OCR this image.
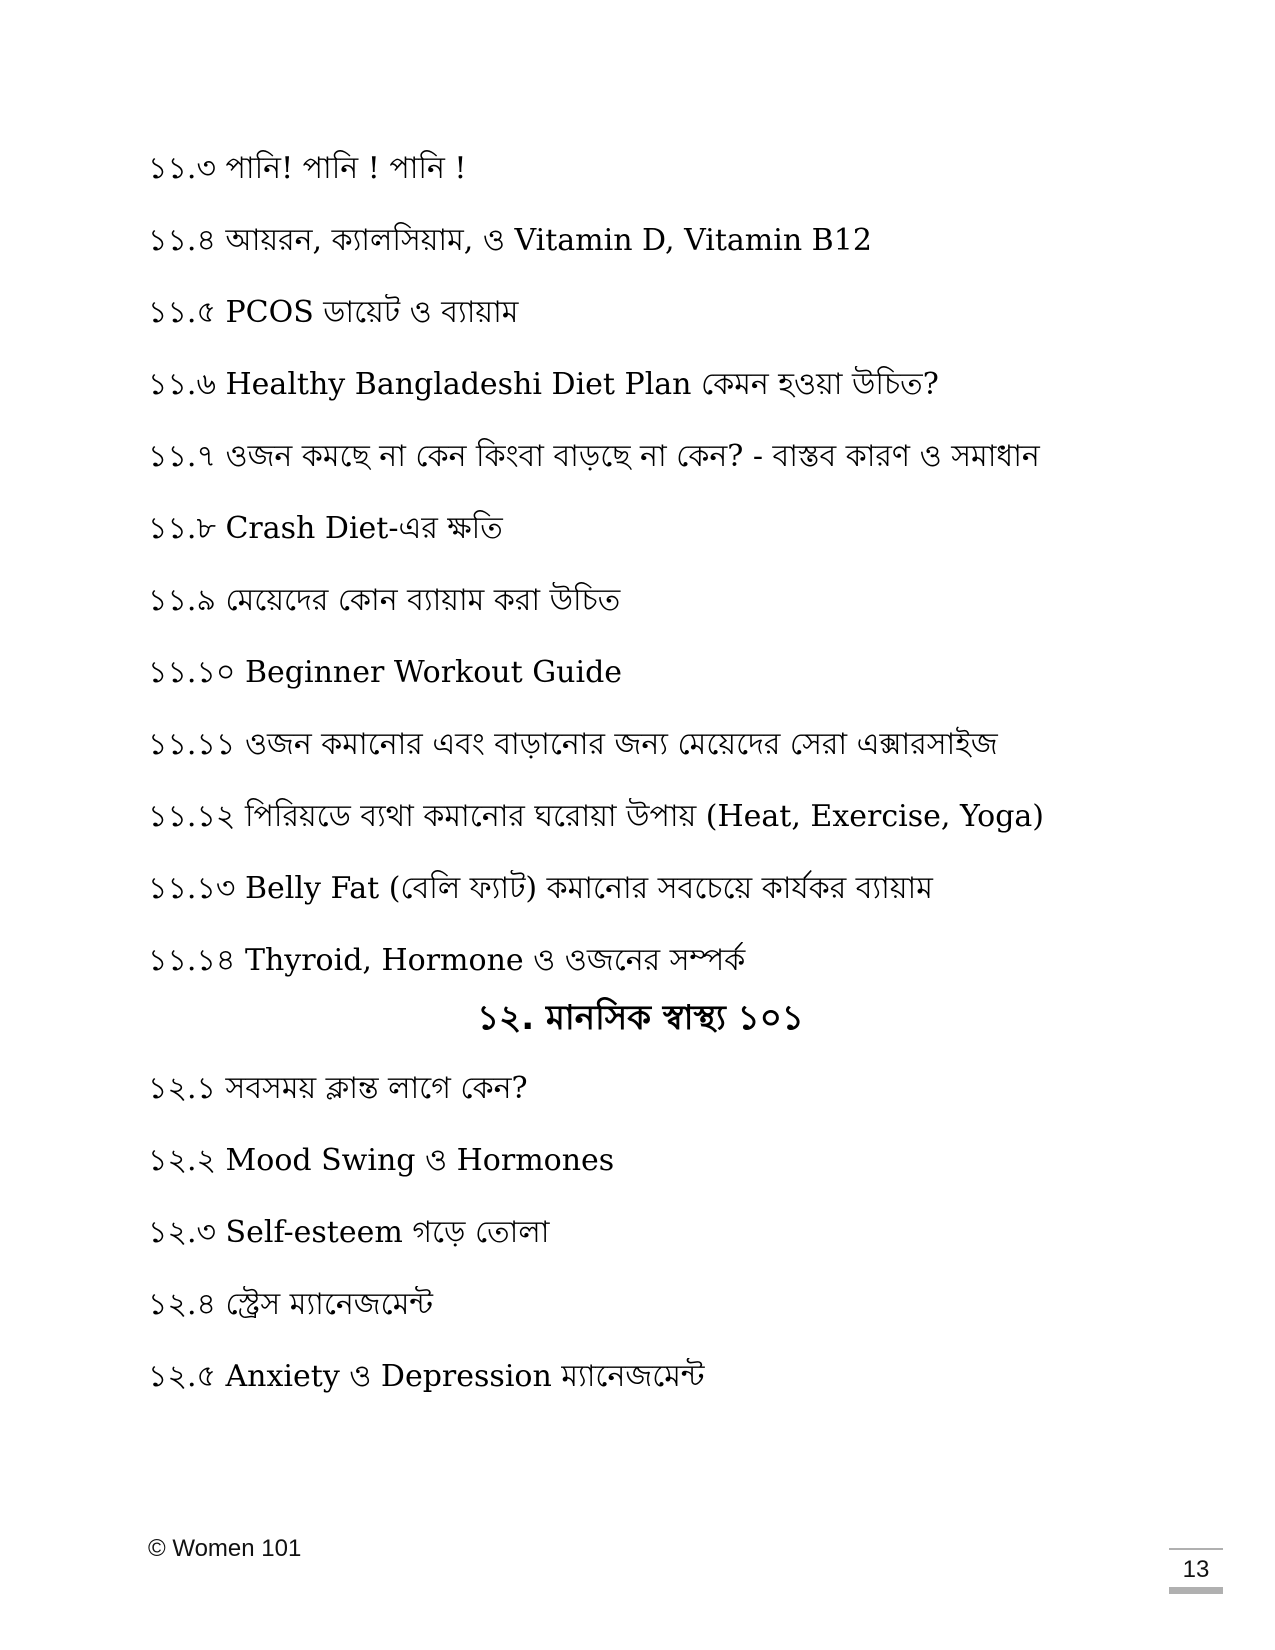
১১.৩ পানি! পানি ! পানি !
১১.৪ আয়রন, ক্যালসিয়াম, ও Vitamin D, Vitamin B12
১১.৫ PCOS ডায়েট ও ব্যায়াম
১১.৬ Healthy Bangladeshi Diet Plan কেমন হওয়া উচিত?
১১.৭ ওজন কমছে না কেন কিংবা বাড়ছে না কেন? - বাস্তব কারণ ও সমাধান
১১.৮ Crash Diet-এর ক্ষতি
১১.৯ মেয়েদের কোন ব্যায়াম করা উচিত
১১.১০ Beginner Workout Guide
১১.১১ ওজন কমানোর এবং বাড়ানোর জন্য মেয়েদের সেরা এক্সারসাইজ
১১.১২ পিরিয়ডে ব্যথা কমানোর ঘরোয়া উপায় (Heat, Exercise, Yoga)
১১.১৩ Belly Fat (বেলি ফ্যাট) কমানোর সবচেয়ে কার্যকর ব্যায়াম
১১.১৪ Thyroid, Hormone ও ওজনের সম্পর্ক
১২. মানসিক স্বাস্থ্য ১০১
১২.১ সবসময় ক্লান্ত লাগে কেন?
১২.২ Mood Swing ও Hormones
১২.৩ Self-esteem গড়ে তোলা
১২.৪ স্ট্রেস ম্যানেজমেন্ট
১২.৫ Anxiety ও Depression ম্যানেজমেন্ট
© Women 101
13
